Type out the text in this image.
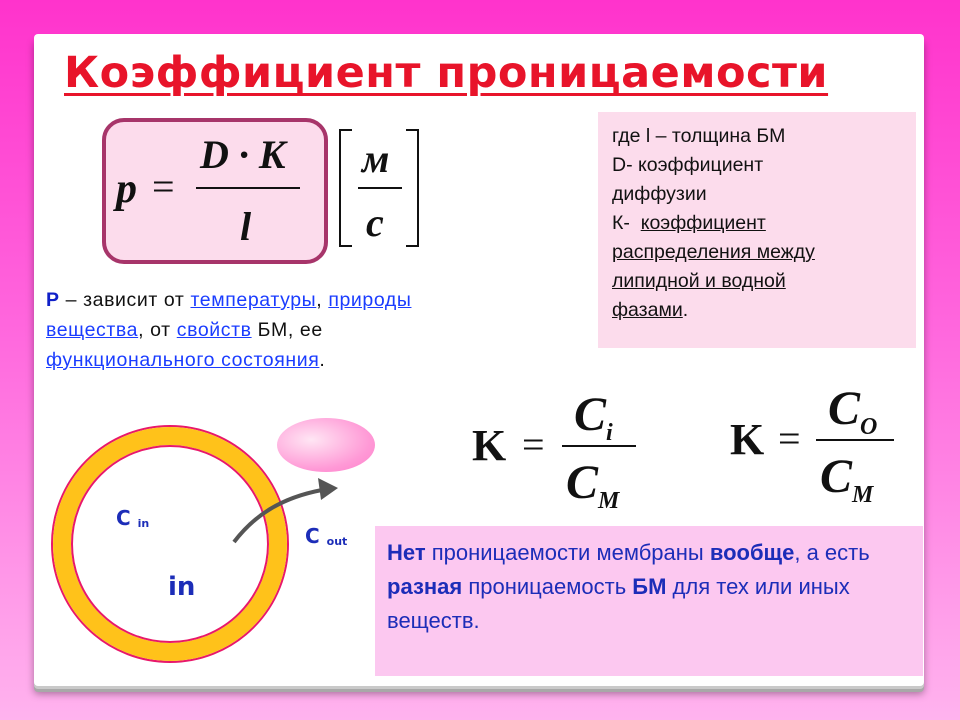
Коэффициент проницаемости
p =
D · K
l
м
с
где l – толщина БМ
D- коэффициент
диффузии
К-  коэффициент
распределения между
липидной и водной
фазами.
Р – зависит от температуры, природы вещества, от свойств БМ, ее функционального состояния.
K =
C i
C M
K =
C O
C M
C $_{in}$
C $_{out}$
in
Нет проницаемости мембраны вообще, а есть разная проницаемость БМ для тех или иных веществ.
